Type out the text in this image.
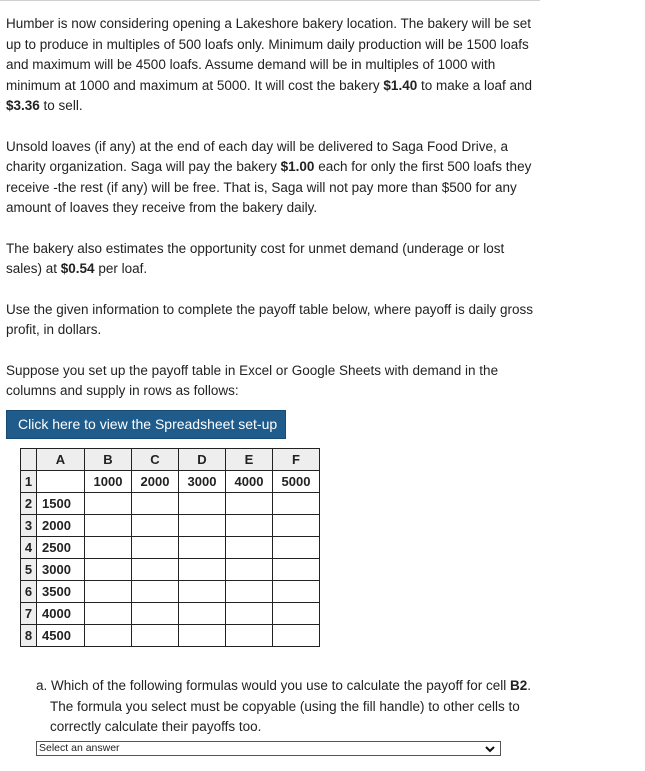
Humber is now considering opening a Lakeshore bakery location. The bakery will be set up to produce in multiples of 500 loafs only. Minimum daily production will be 1500 loafs and maximum will be 4500 loafs. Assume demand will be in multiples of 1000 with minimum at 1000 and maximum at 5000. It will cost the bakery $1.40 to make a loaf and $3.36 to sell.

Unsold loaves (if any) at the end of each day will be delivered to Saga Food Drive, a charity organization. Saga will pay the bakery $1.00 each for only the first 500 loafs they receive -the rest (if any) will be free. That is, Saga will not pay more than $500 for any amount of loaves they receive from the bakery daily.

The bakery also estimates the opportunity cost for unmet demand (underage or lost sales) at $0.54 per loaf.

Use the given information to complete the payoff table below, where payoff is daily gross profit, in dollars.

Suppose you set up the payoff table in Excel or Google Sheets with demand in the columns and supply in rows as follows:

Click here to view the Spreadsheet set-up
	A	B	C	D	E	F
1		1000	2000	3000	4000	5000
2	1500					
3	2000					
4	2500					
5	3000					
6	3500					
7	4000					
8	4500					
a. Which of the following formulas would you use to calculate the payoff for cell B2.
The formula you select must be copyable (using the fill handle) to other cells to correctly calculate their payoffs too.
Select an answer
